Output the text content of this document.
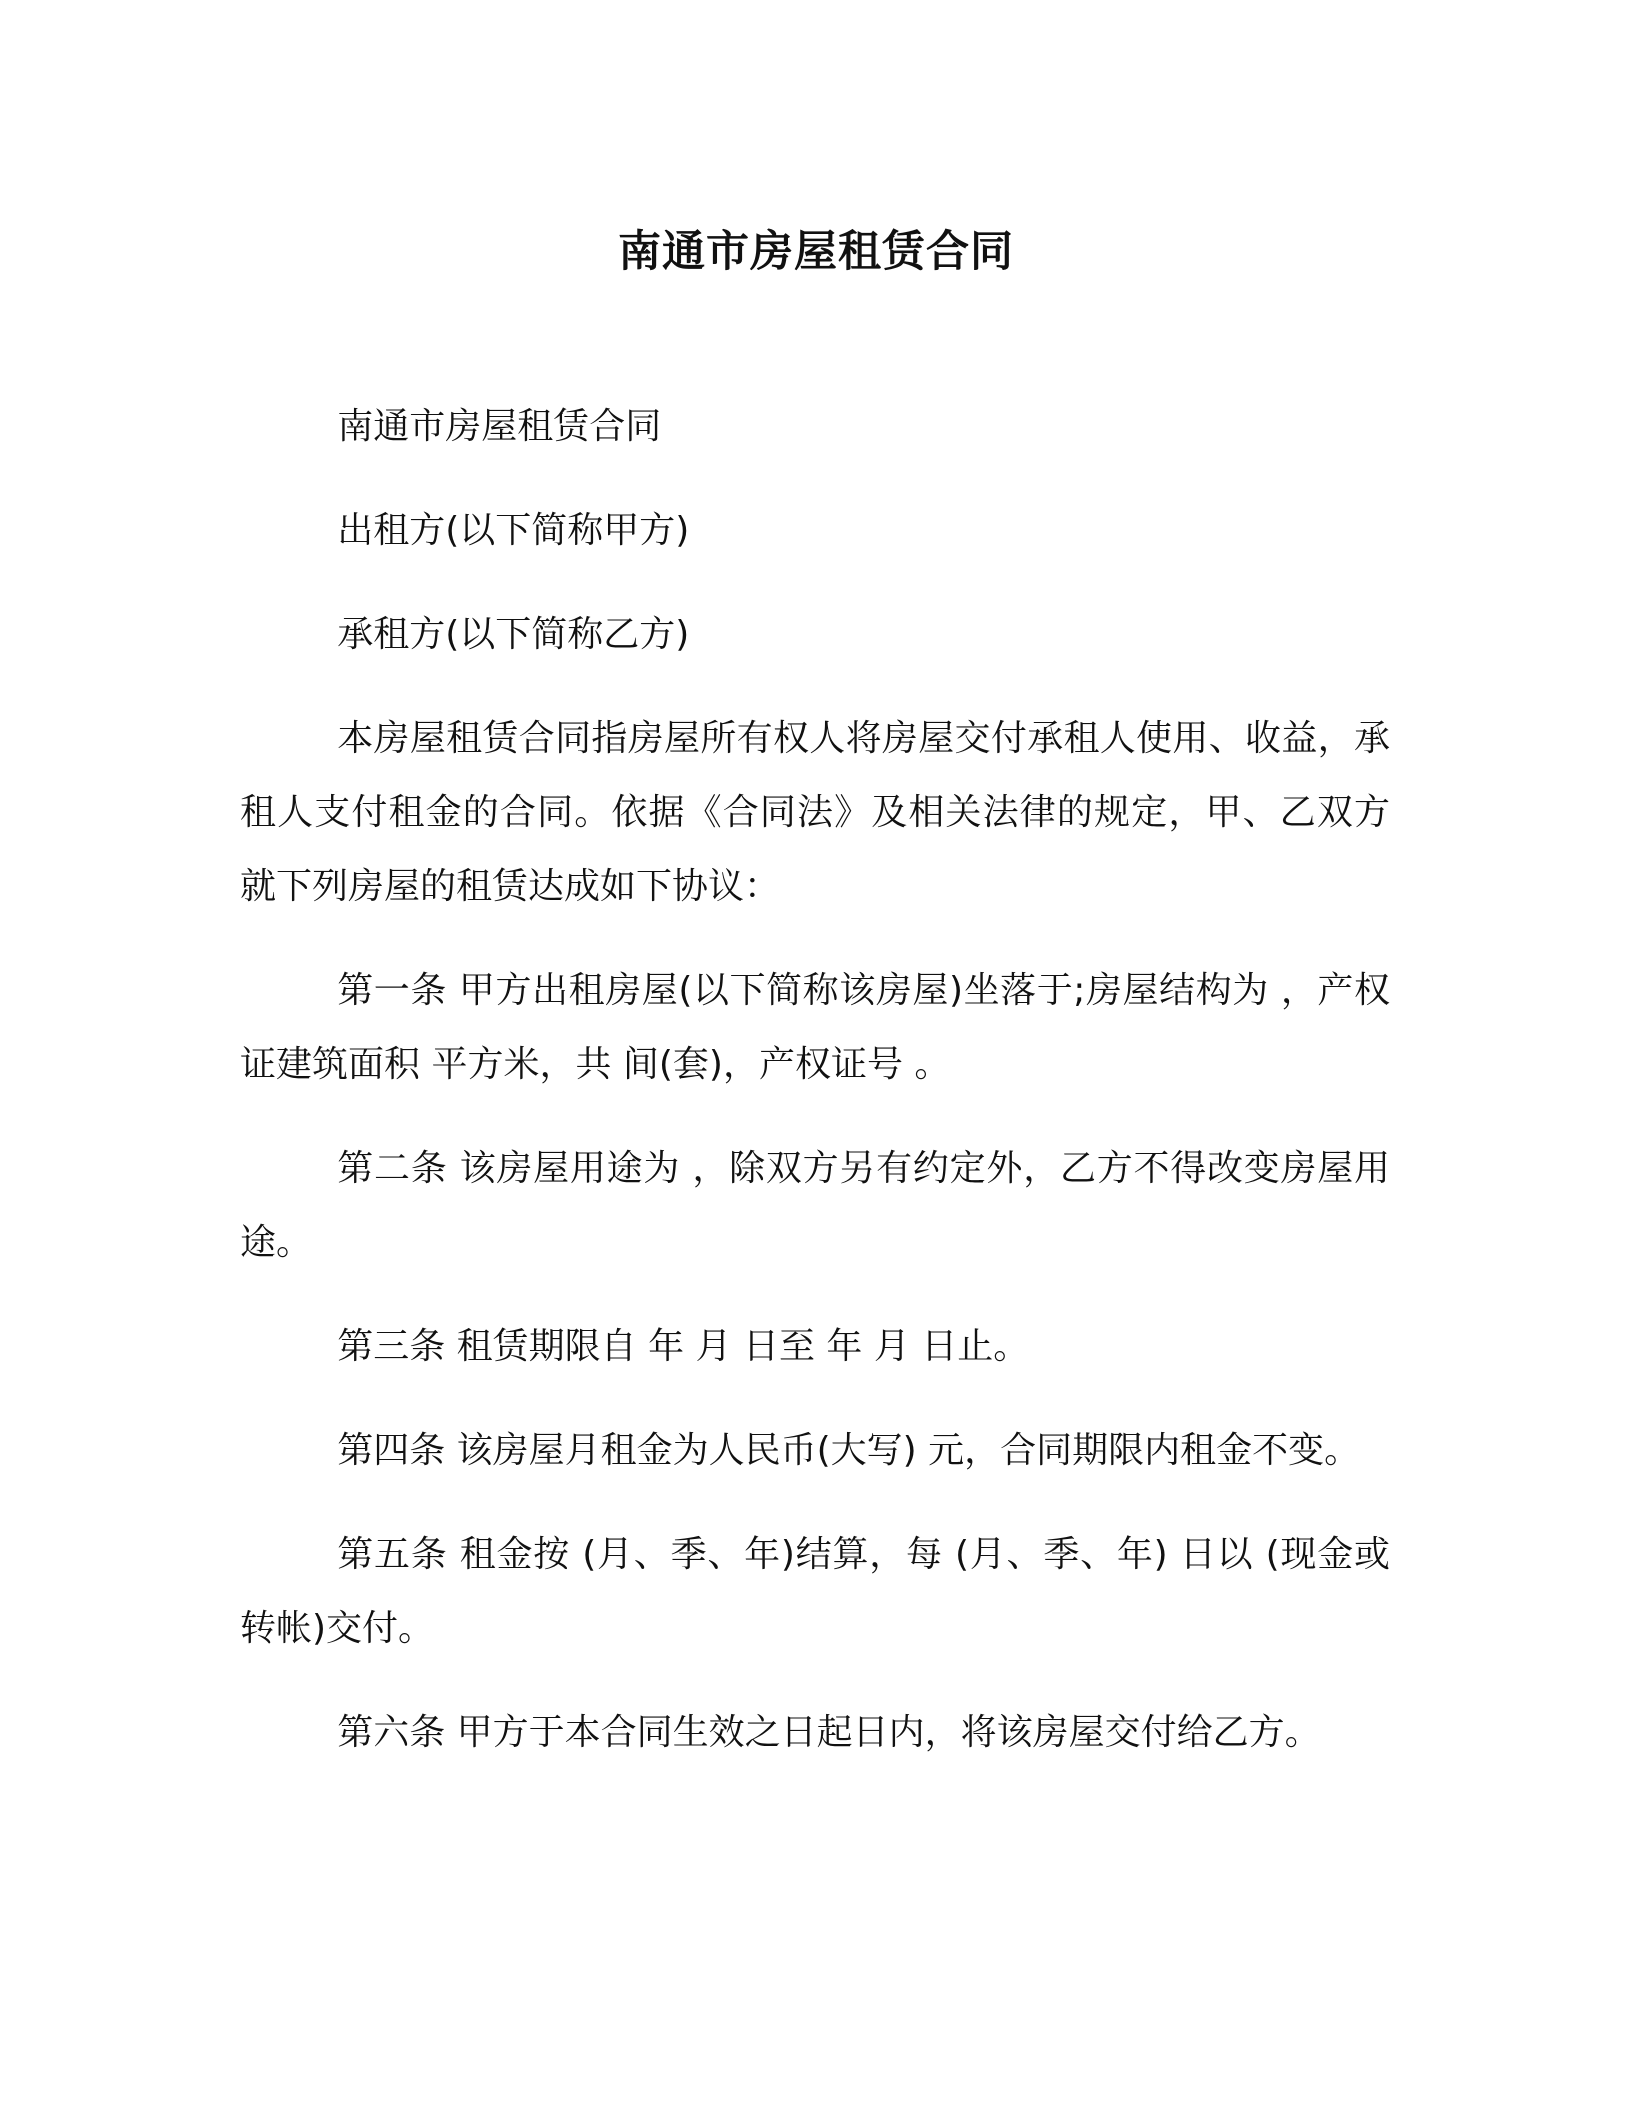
南通市房屋租赁合同

南通市房屋租赁合同

出租方(以下简称甲方)

承租方(以下简称乙方)

本房屋租赁合同指房屋所有权人将房屋交付承租人使用、收益，承租人支付租金的合同。依据《合同法》及相关法律的规定，甲、乙双方就下列房屋的租赁达成如下协议：

第一条 甲方出租房屋(以下简称该房屋)坐落于;房屋结构为 ，产权证建筑面积 平方米，共 间(套)，产权证号 。

第二条 该房屋用途为 ，除双方另有约定外，乙方不得改变房屋用途。

第三条 租赁期限自 年 月 日至 年 月 日止。

第四条 该房屋月租金为人民币(大写) 元，合同期限内租金不变。

第五条 租金按 (月、季、年)结算，每 (月、季、年) 日以 (现金或转帐)交付。

第六条 甲方于本合同生效之日起日内，将该房屋交付给乙方。
